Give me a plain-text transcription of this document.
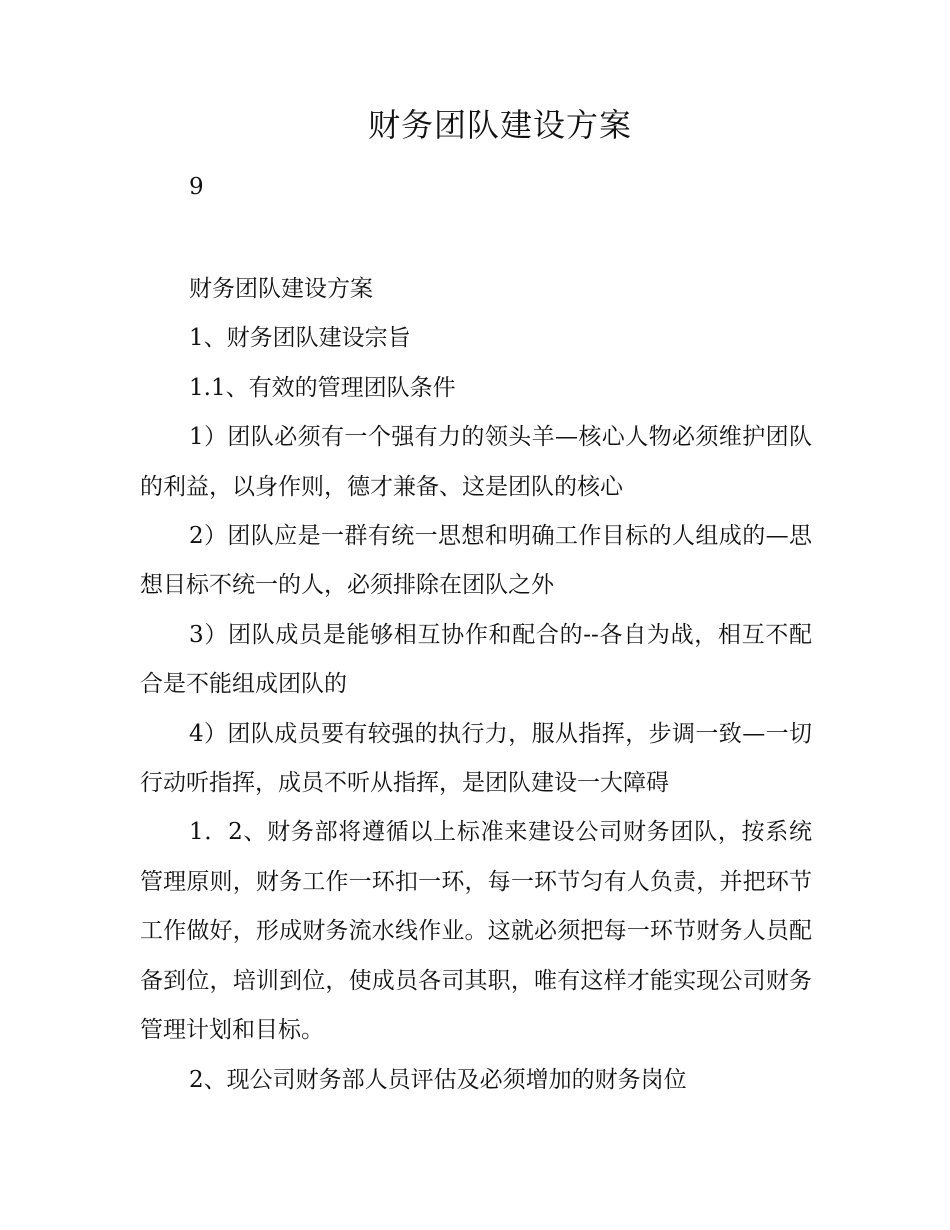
财务团队建设方案
9

财务团队建设方案

1、财务团队建设宗旨

1.1、有效的管理团队条件

1）团队必须有一个强有力的领头羊—核心人物必须维护团队的利益，以身作则，德才兼备、这是团队的核心

2）团队应是一群有统一思想和明确工作目标的人组成的—思想目标不统一的人，必须排除在团队之外

3）团队成员是能够相互协作和配合的--各自为战，相互不配合是不能组成团队的

4）团队成员要有较强的执行力，服从指挥，步调一致—一切行动听指挥，成员不听从指挥，是团队建设一大障碍

1．2、财务部将遵循以上标准来建设公司财务团队，按系统管理原则，财务工作一环扣一环，每一环节匀有人负责，并把环节工作做好，形成财务流水线作业。这就必须把每一环节财务人员配备到位，培训到位，使成员各司其职，唯有这样才能实现公司财务管理计划和目标。

2、现公司财务部人员评估及必须增加的财务岗位
